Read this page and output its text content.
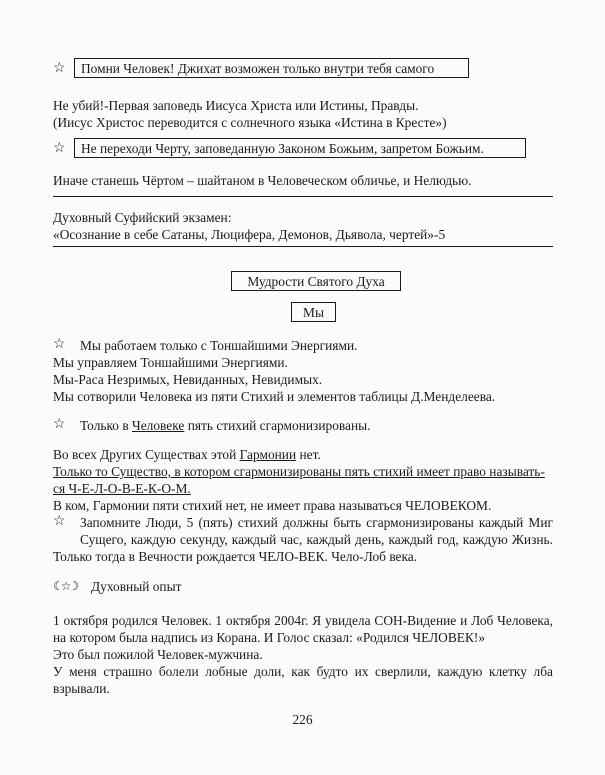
☆	Помни Человек! Джихат возможен только внутри тебя самого
Не убий!-Первая заповедь Иисуса Христа или Истины, Правды.
(Иисус Христос переводится с солнечного языка «Истина в Кресте»)
☆	Не переходи Черту, заповеданную Законом Божьим, запретом Божьим.
Иначе станешь Чёртом – шайтаном в Человеческом обличье, и Нелюдью.
Духовный Суфийский экзамен:
«Осознание в себе Сатаны, Люцифера, Демонов, Дьявола, чертей»-5
Мудрости Святого Духа
Мы
☆ Мы работаем только с Тоншайшими Энергиями.
Мы управляем Тоншайшими Энергиями.
Мы-Раса Незримых, Невиданных, Невидимых.
Мы сотворили Человека из пяти Стихий и элементов таблицы Д.Менделеева.
☆ Только в Человеке пять стихий сгармонизированы.
Во всех Других Существах этой Гармонии нет.
Только то Существо, в котором сгармонизированы пять стихий имеет право называть-
ся Ч-Е-Л-О-В-Е-К-О-М.
В ком, Гармонии пяти стихий нет, не имеет права называться ЧЕЛОВЕКОМ.
☆ Запомните Люди, 5 (пять) стихий должны быть сгармонизированы каждый Миг
Сущего, каждую секунду, каждый час, каждый день, каждый год, каждую Жизнь.
Только тогда в Вечности рождается ЧЕЛО-ВЕК. Чело-Лоб века.
☾☆☽ Духовный опыт
1 октября родился Человек. 1 октября 2004г. Я увидела СОН-Видение и Лоб Человека,
на котором была надпись из Корана. И Голос сказал: «Родился ЧЕЛОВЕК!»
Это был пожилой Человек-мужчина.
У меня страшно болели лобные доли, как будто их сверлили, каждую клетку лба
взрывали.
226
